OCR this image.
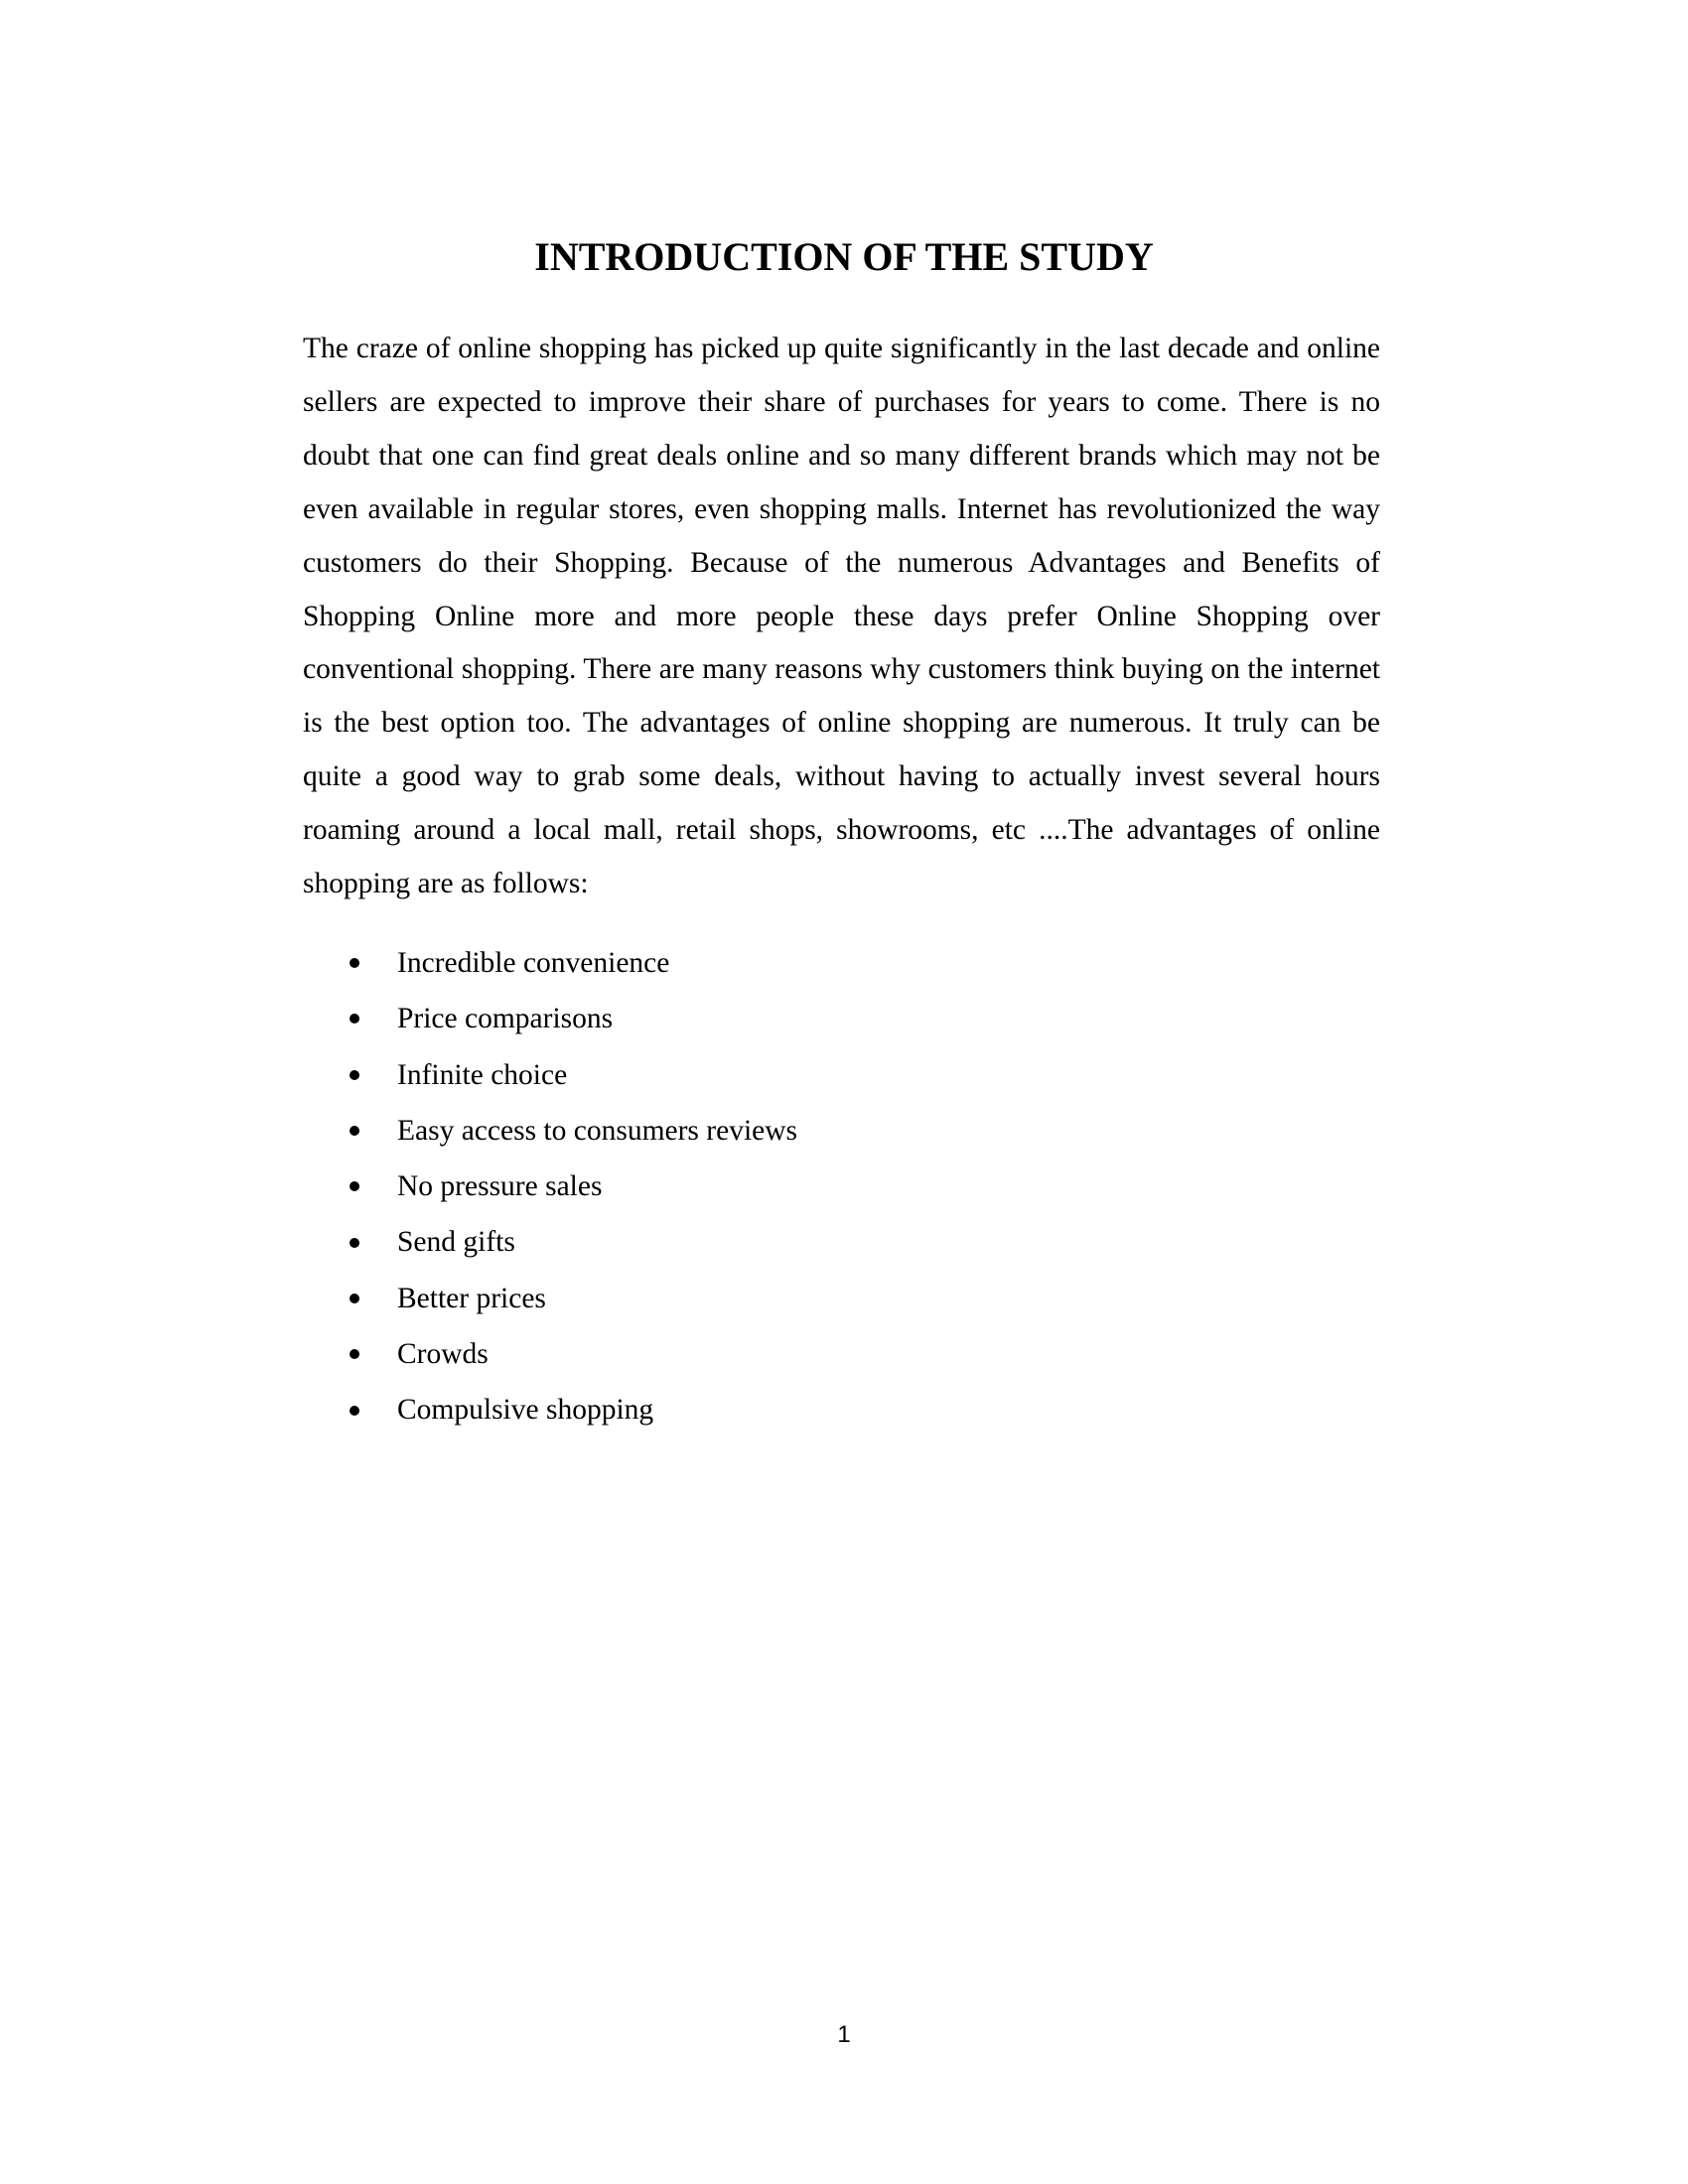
INTRODUCTION OF THE STUDY

The craze of online shopping has picked up quite significantly in the last decade and online sellers are expected to improve their share of purchases for years to come. There is no doubt that one can find great deals online and so many different brands which may not be even available in regular stores, even shopping malls. Internet has revolutionized the way customers do their Shopping. Because of the numerous Advantages and Benefits of Shopping Online more and more people these days prefer Online Shopping over conventional shopping. There are many reasons why customers think buying on the internet is the best option too. The advantages of online shopping are numerous. It truly can be quite a good way to grab some deals, without having to actually invest several hours roaming around a local mall, retail shops, showrooms, etc ....The advantages of online shopping are as follows:

Incredible convenience
Price comparisons
Infinite choice
Easy access to consumers reviews
No pressure sales
Send gifts
Better prices
Crowds
Compulsive shopping
1
